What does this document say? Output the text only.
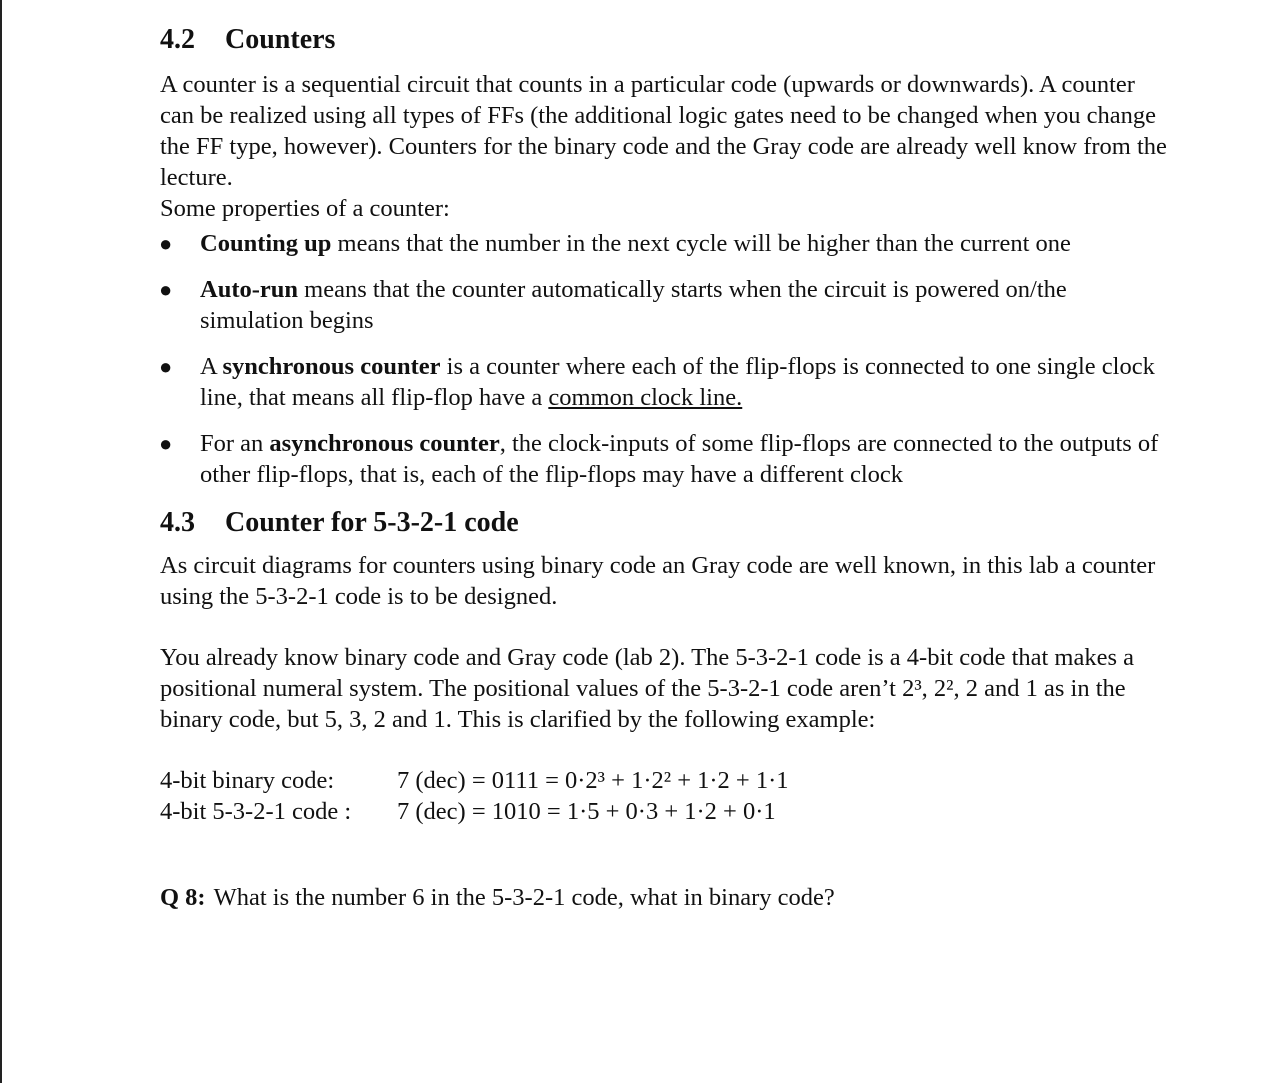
4.2 Counters

A counter is a sequential circuit that counts in a particular code (upwards or downwards). A counter can be realized using all types of FFs (the additional logic gates need to be changed when you change the FF type, however). Counters for the binary code and the Gray code are already well know from the lecture.

Some properties of a counter:

● Counting up means that the number in the next cycle will be higher than the current one
● Auto-run means that the counter automatically starts when the circuit is powered on/the simulation begins
● A synchronous counter is a counter where each of the flip-flops is connected to one single clock line, that means all flip-flop have a common clock line.
● For an asynchronous counter, the clock-inputs of some flip-flops are connected to the outputs of other flip-flops, that is, each of the flip-flops may have a different clock
4.3 Counter for 5-3-2-1 code

As circuit diagrams for counters using binary code an Gray code are well known, in this lab a counter using the 5-3-2-1 code is to be designed.

You already know binary code and Gray code (lab 2). The 5-3-2-1 code is a 4-bit code that makes a positional numeral system. The positional values of the 5-3-2-1 code aren’t 2³, 2², 2 and 1 as in the binary code, but 5, 3, 2 and 1. This is clarified by the following example:

4-bit binary code:	7 (dec) = 0111 = 0·2³ + 1·2² + 1·2 + 1·1
4-bit 5-3-2-1 code :	7 (dec) = 1010 = 1·5 + 0·3 + 1·2 + 0·1

Q 8: What is the number 6 in the 5-3-2-1 code, what in binary code?
